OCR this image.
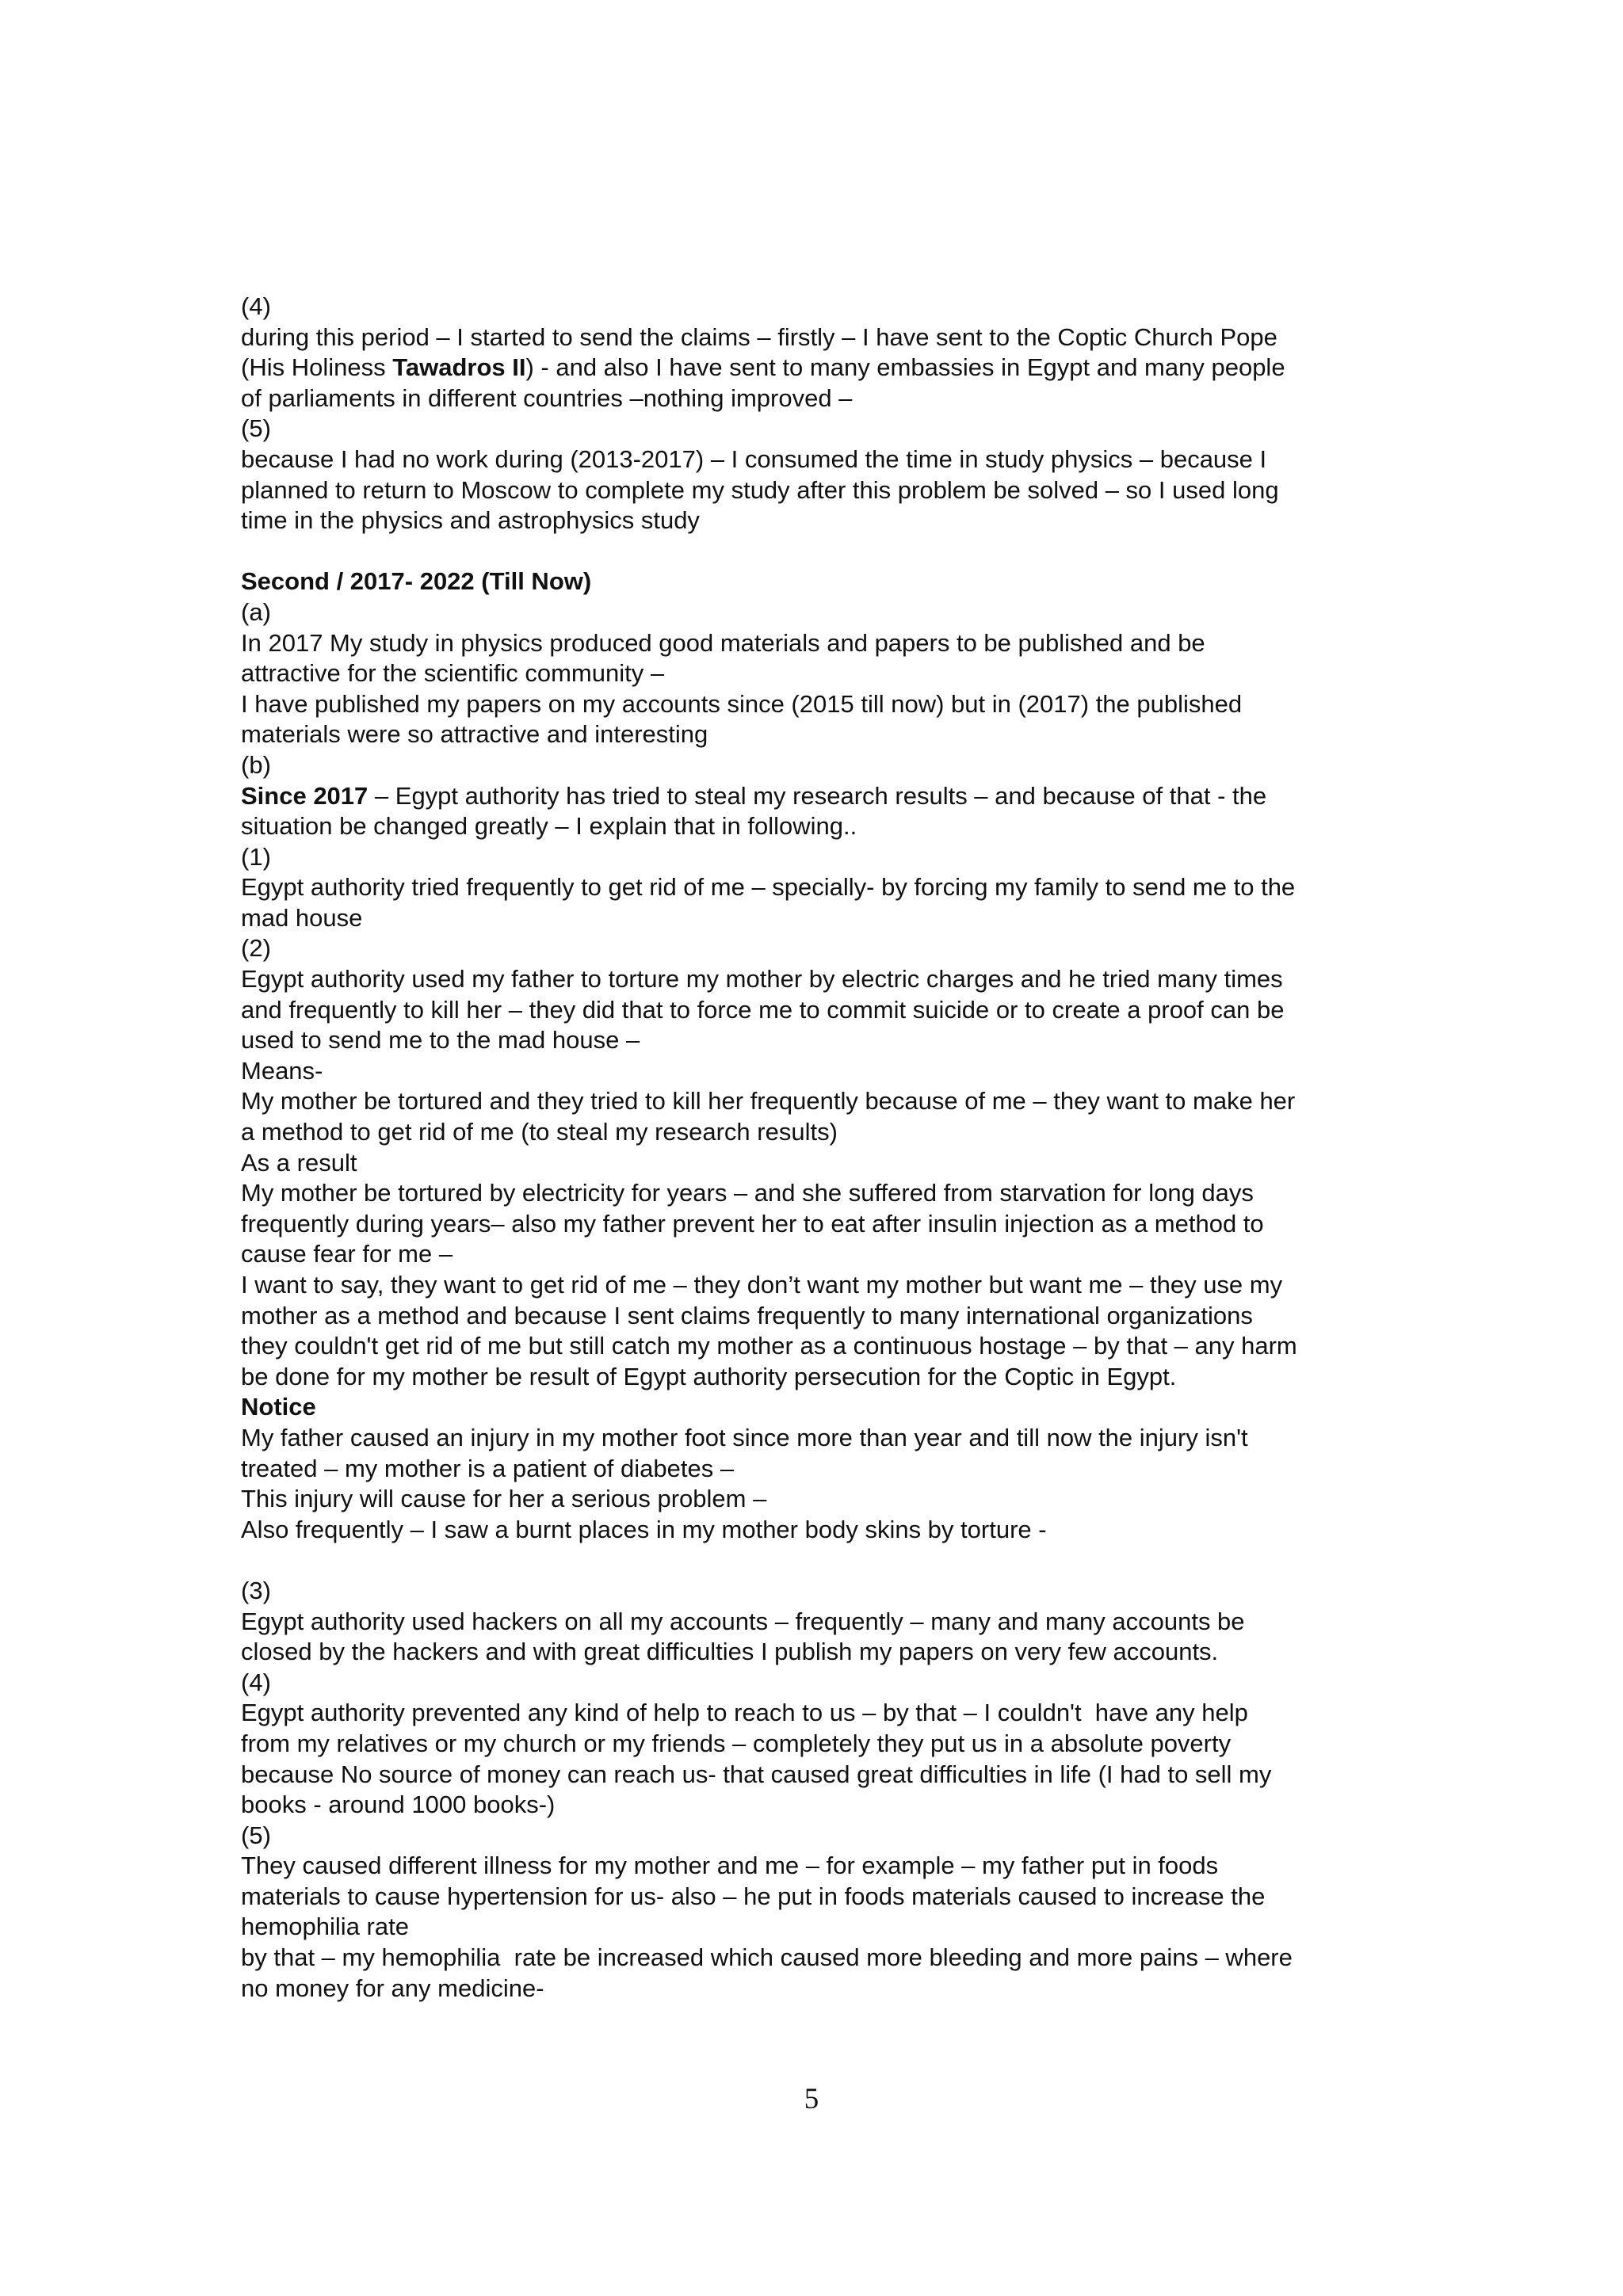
(4)
during this period – I started to send the claims – firstly – I have sent to the Coptic Church Pope
(His Holiness Tawadros II) - and also I have sent to many embassies in Egypt and many people
of parliaments in different countries –nothing improved –
(5)
because I had no work during (2013-2017) – I consumed the time in study physics – because I
planned to return to Moscow to complete my study after this problem be solved – so I used long
time in the physics and astrophysics study
Second / 2017- 2022 (Till Now)
(a)
In 2017 My study in physics produced good materials and papers to be published and be
attractive for the scientific community –
I have published my papers on my accounts since (2015 till now) but in (2017) the published
materials were so attractive and interesting
(b)
Since 2017 – Egypt authority has tried to steal my research results – and because of that - the
situation be changed greatly – I explain that in following..
(1)
Egypt authority tried frequently to get rid of me – specially- by forcing my family to send me to the
mad house
(2)
Egypt authority used my father to torture my mother by electric charges and he tried many times
and frequently to kill her – they did that to force me to commit suicide or to create a proof can be
used to send me to the mad house –
Means-
My mother be tortured and they tried to kill her frequently because of me – they want to make her
a method to get rid of me (to steal my research results)
As a result
My mother be tortured by electricity for years – and she suffered from starvation for long days
frequently during years– also my father prevent her to eat after insulin injection as a method to
cause fear for me –
I want to say, they want to get rid of me – they don’t want my mother but want me – they use my
mother as a method and because I sent claims frequently to many international organizations
they couldn't get rid of me but still catch my mother as a continuous hostage – by that – any harm
be done for my mother be result of Egypt authority persecution for the Coptic in Egypt.
Notice
My father caused an injury in my mother foot since more than year and till now the injury isn't
treated – my mother is a patient of diabetes –
This injury will cause for her a serious problem –
Also frequently – I saw a burnt places in my mother body skins by torture -
(3)
Egypt authority used hackers on all my accounts – frequently – many and many accounts be
closed by the hackers and with great difficulties I publish my papers on very few accounts.
(4)
Egypt authority prevented any kind of help to reach to us – by that – I couldn't  have any help
from my relatives or my church or my friends – completely they put us in a absolute poverty
because No source of money can reach us- that caused great difficulties in life (I had to sell my
books - around 1000 books-)
(5)
They caused different illness for my mother and me – for example – my father put in foods
materials to cause hypertension for us- also – he put in foods materials caused to increase the
hemophilia rate
by that – my hemophilia  rate be increased which caused more bleeding and more pains – where
no money for any medicine-
5
